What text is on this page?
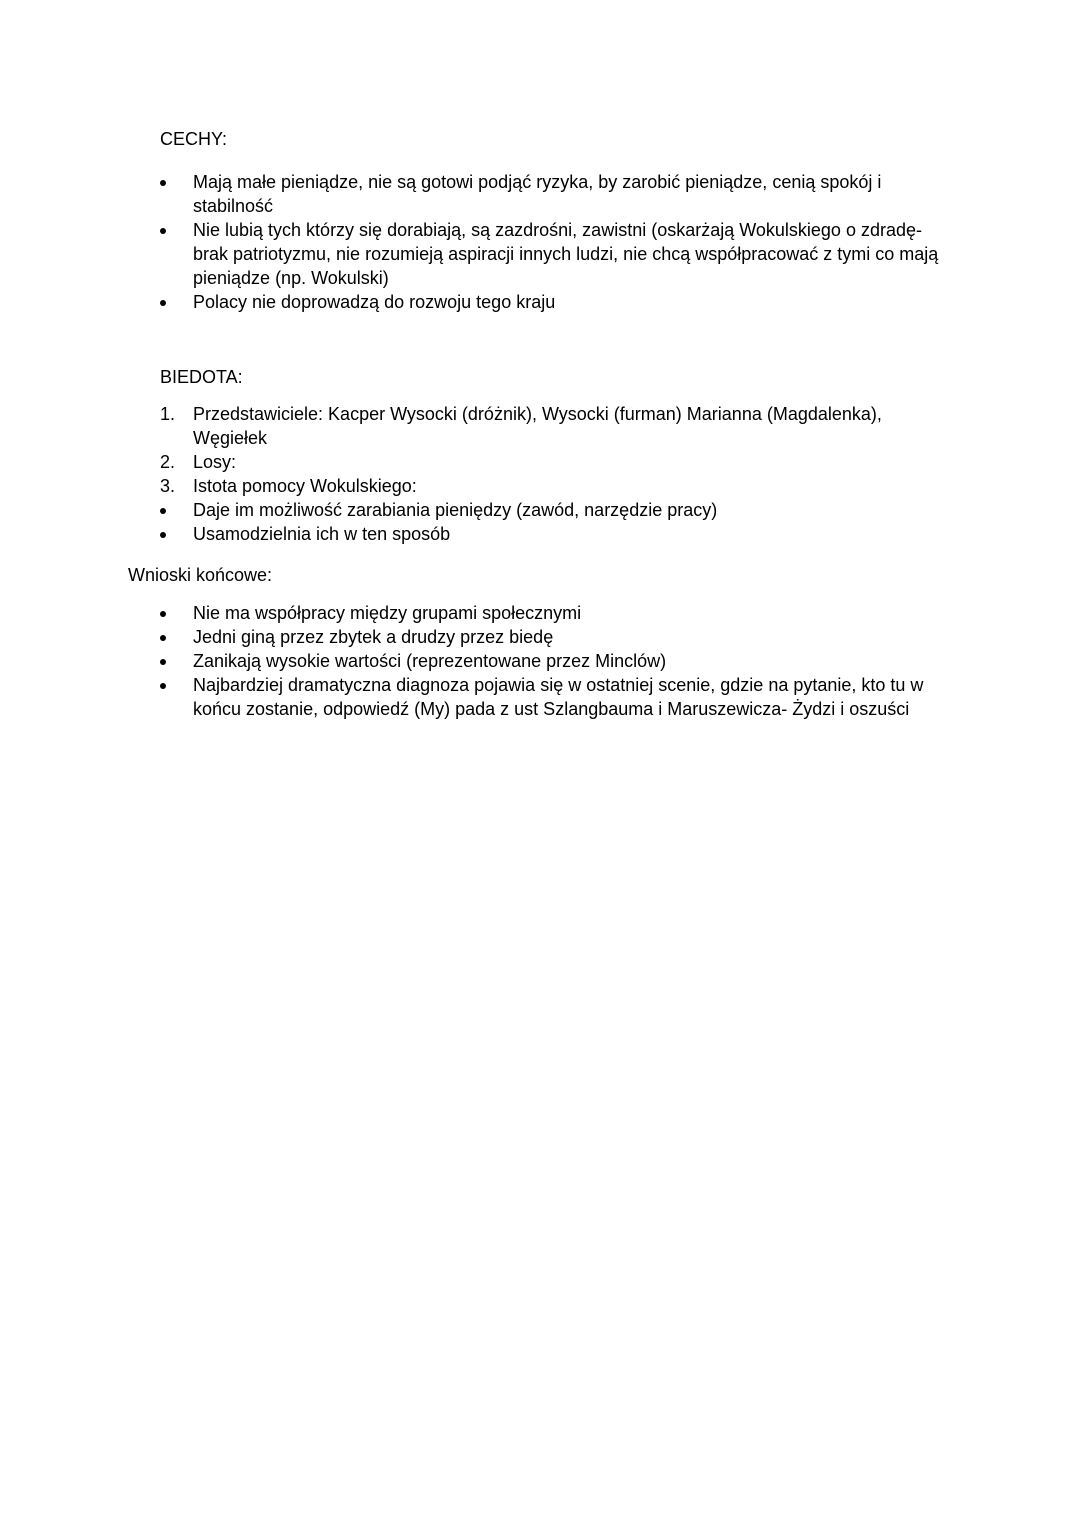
CECHY:
Mają małe pieniądze, nie są gotowi podjąć ryzyka, by zarobić pieniądze, cenią spokój i stabilność
Nie lubią tych którzy się dorabiają, są zazdrośni, zawistni (oskarżają Wokulskiego o zdradę- brak patriotyzmu, nie rozumieją aspiracji innych ludzi, nie chcą współpracować z tymi co mają pieniądze (np. Wokulski)
Polacy nie doprowadzą do rozwoju tego kraju
BIEDOTA:
1. Przedstawiciele: Kacper Wysocki (dróżnik), Wysocki (furman) Marianna (Magdalenka), Węgiełek
2. Losy:
3. Istota pomocy Wokulskiego:
Daje im możliwość zarabiania pieniędzy (zawód, narzędzie pracy)
Usamodzielnia ich w ten sposób
Wnioski końcowe:
Nie ma współpracy między grupami społecznymi
Jedni giną przez zbytek a drudzy przez biedę
Zanikają wysokie wartości (reprezentowane przez Minclów)
Najbardziej dramatyczna diagnoza pojawia się w ostatniej scenie, gdzie na pytanie, kto tu w końcu zostanie, odpowiedź (My) pada z ust Szlangbauma i Maruszewicza- Żydzi i oszuści
